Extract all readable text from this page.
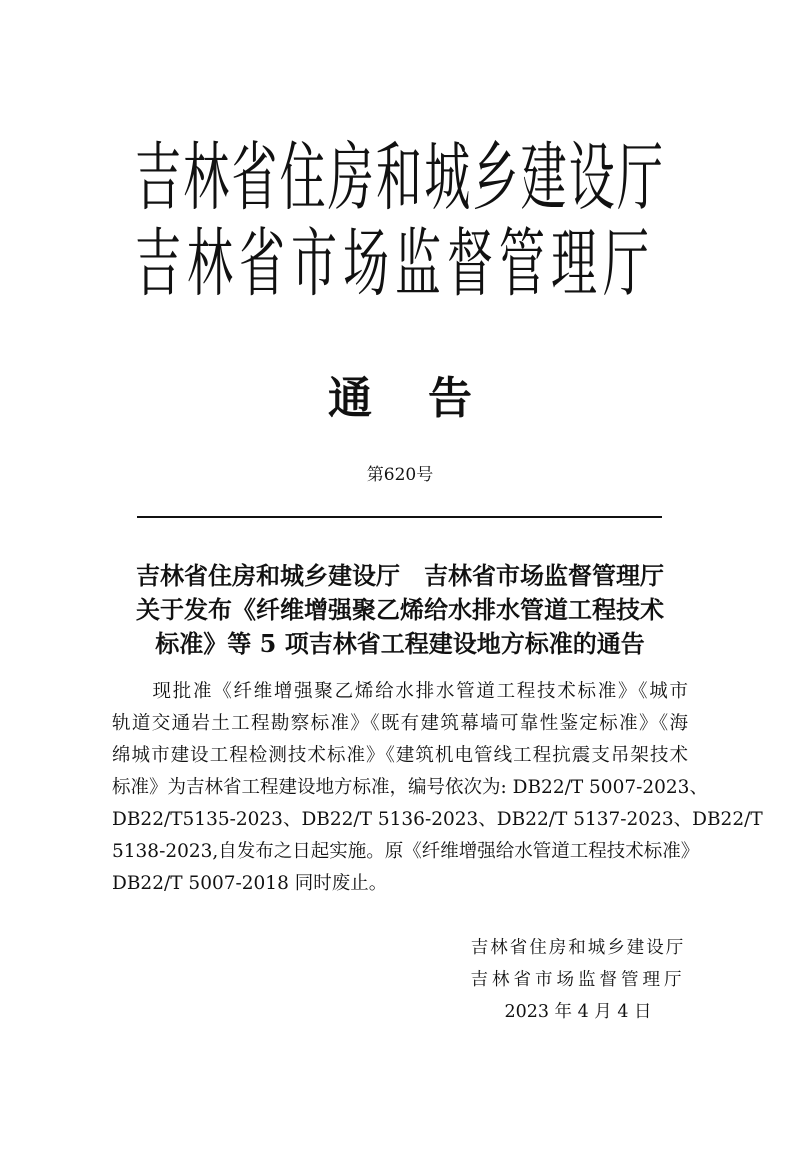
吉林省住房和城乡建设厅
吉林省市场监督管理厅
通告
第620号
吉林省住房和城乡建设厅　吉林省市场监督管理厅
关于发布《纤维增强聚乙烯给水排水管道工程技术
标准》等 5 项吉林省工程建设地方标准的通告
　　现批准《纤维增强聚乙烯给水排水管道工程技术标准》《城市
轨道交通岩土工程勘察标准》《既有建筑幕墙可靠性鉴定标准》《海
绵城市建设工程检测技术标准》《建筑机电管线工程抗震支吊架技术
标准》为吉林省工程建设地方标准，编号依次为: DB22/T 5007-2023、
DB22/T5135-2023、DB22/T 5136-2023、DB22/T 5137-2023、DB22/T
5138-2023,自发布之日起实施。原《纤维增强给水管道工程技术标准》
DB22/T 5007-2018 同时废止。
吉林省住房和城乡建设厅
吉林省市场监督管理厅
2023 年 4 月 4 日
